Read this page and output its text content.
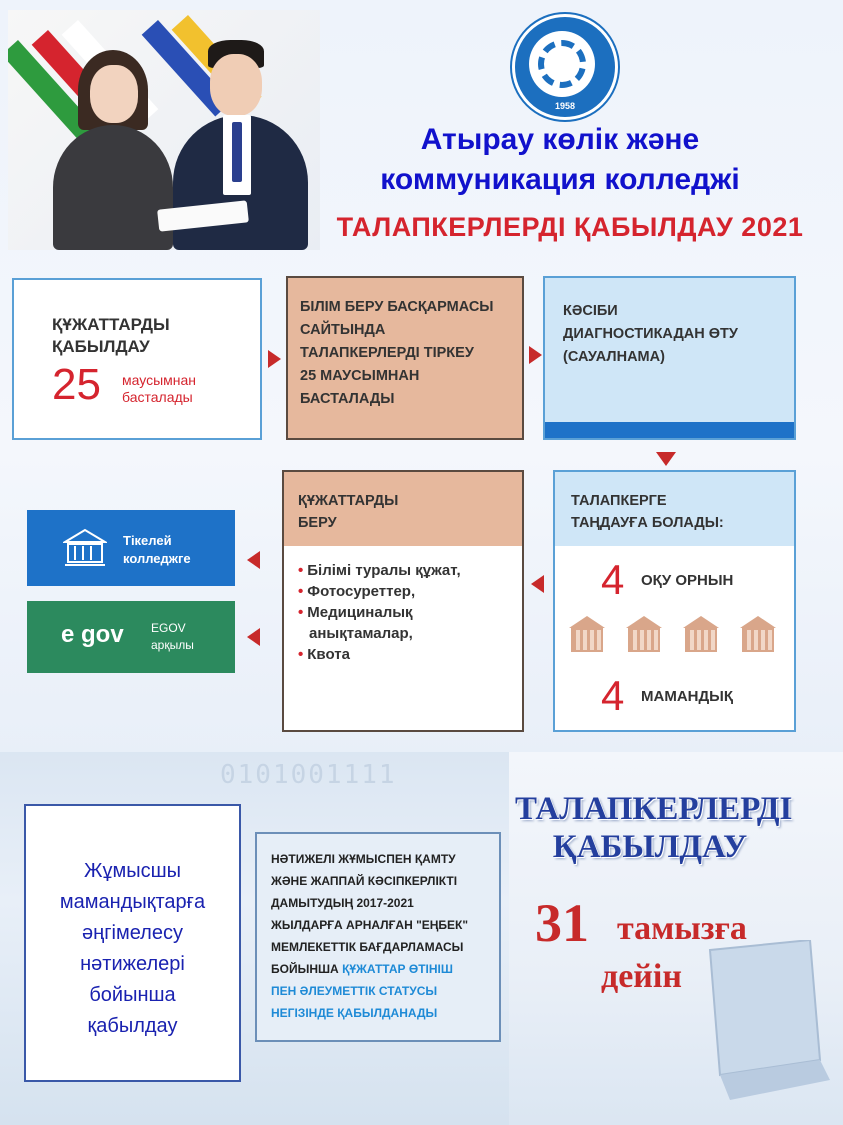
1958
Атырау көлік және
коммуникация колледжі
ТАЛАПКЕРЛЕРДІ ҚАБЫЛДАУ 2021
ҚҰЖАТТАРДЫ
ҚАБЫЛДАУ
25 маусымнан
басталады
БІЛІМ БЕРУ БАСҚАРМАСЫ
САЙТЫНДА
ТАЛАПКЕРЛЕРДІ ТІРКЕУ
25 МАУСЫМНАН
БАСТАЛАДЫ
КӘСІБИ
ДИАГНОСТИКАДАН ӨТУ
(САУАЛНАМА)
ТАЛАПКЕРГЕ
ТАҢДАУҒА БОЛАДЫ:
4 ОҚУ ОРНЫН
4 МАМАНДЫҚ
ҚҰЖАТТАРДЫ
БЕРУ
• Білімі туралы құжат,
• Фотосуреттер,
• Медициналық
анықтамалар,
• Квота
Тікелей
колледжге
e gov EGOV
арқылы
0101001111
Жұмысшы
мамандықтарға
әңгімелесу
нәтижелері
бойынша
қабылдау
НӘТИЖЕЛІ ЖҰМЫСПЕН ҚАМТУ
ЖӘНЕ ЖАППАЙ КӘСІПКЕРЛІКТІ
ДАМЫТУДЫҢ 2017-2021
ЖЫЛДАРҒА АРНАЛҒАН "ЕҢБЕК"
МЕМЛЕКЕТТІК БАҒДАРЛАМАСЫ
БОЙЫНША ҚҰЖАТТАР ӨТІНІШ
ПЕН ӘЛЕУМЕТТІК СТАТУСЫ
НЕГІЗІНДЕ ҚАБЫЛДАНАДЫ
ТАЛАПКЕРЛЕРДІ
ҚАБЫЛДАУ
31 тамызға
дейін
